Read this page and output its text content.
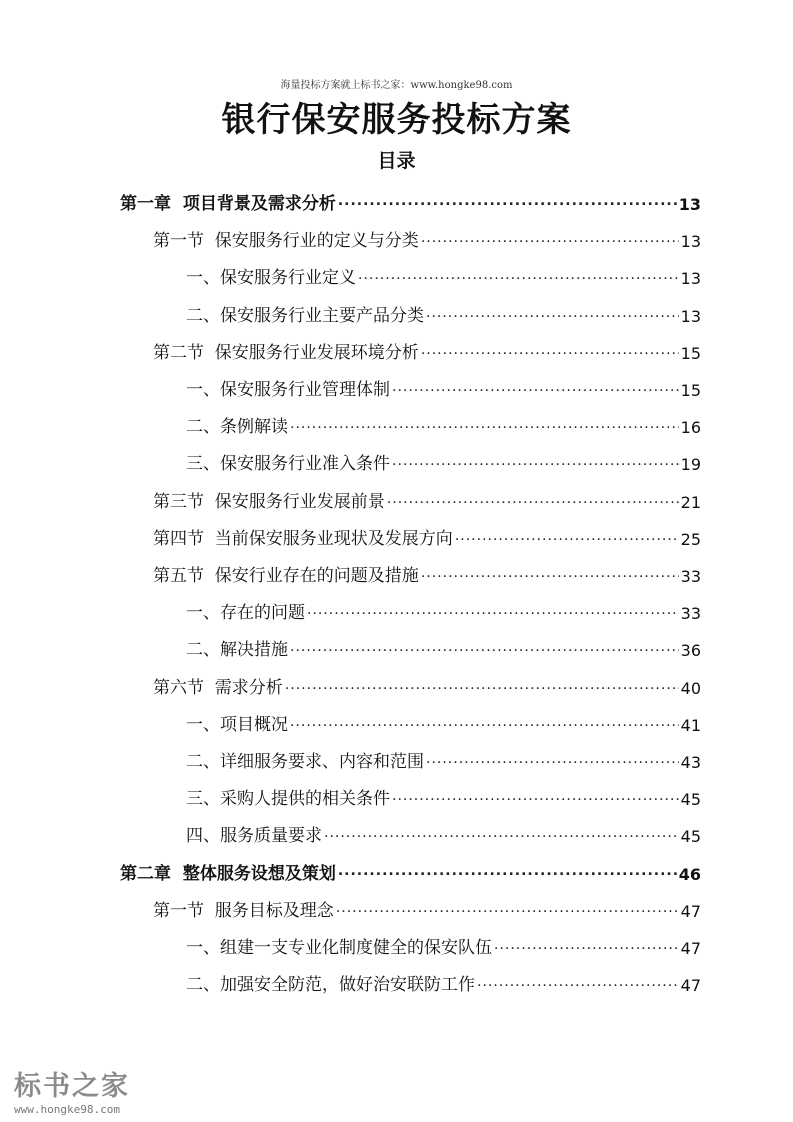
海量投标方案就上标书之家：www.hongke98.com
银行保安服务投标方案
目录
第一章  项目背景及需求分析 .....	13
第一节  保安服务行业的定义与分类 .....	13
一、保安服务行业定义 .....	13
二、保安服务行业主要产品分类 .....	13
第二节  保安服务行业发展环境分析 .....	15
一、保安服务行业管理体制 .....	15
二、条例解读 .....	16
三、保安服务行业准入条件 .....	19
第三节  保安服务行业发展前景 .....	21
第四节  当前保安服务业现状及发展方向 .....	25
第五节  保安行业存在的问题及措施 .....	33
一、存在的问题 .....	33
二、解决措施 .....	36
第六节  需求分析 .....	40
一、项目概况 .....	41
二、详细服务要求、内容和范围 .....	43
三、采购人提供的相关条件 .....	45
四、服务质量要求 .....	45
第二章  整体服务设想及策划 .....	46
第一节  服务目标及理念 .....	47
一、组建一支专业化制度健全的保安队伍 .....	47
二、加强安全防范，做好治安联防工作 .....	47
标书之家
www.hongke98.com
